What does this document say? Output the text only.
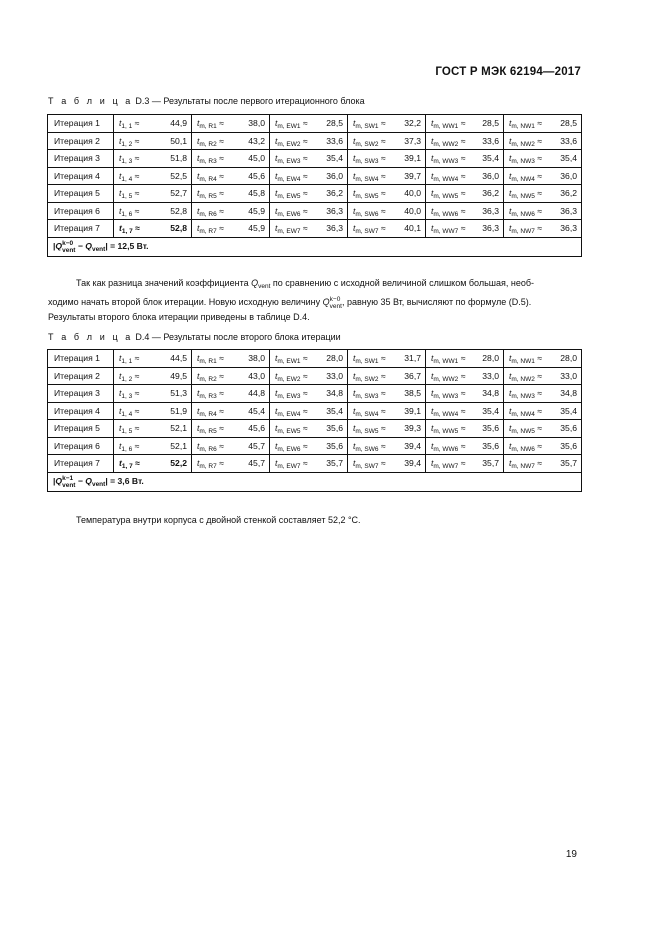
ГОСТ Р МЭК 62194—2017
Т а б л и ц а D.3 — Результаты после первого итерационного блока
Итерация 1	$t_{1, 1} \approx 44,9$	$t_{m, R1} \approx 38,0$	$t_{m, EW1} \approx 28,5$	$t_{m, SW1} \approx 32,2$	$t_{m, WW1} \approx 28,5$	$t_{m, NW1} \approx 28,5$
Итерация 2	$t_{1, 2} \approx 50,1$	$t_{m, R2} \approx 43,2$	$t_{m, EW2} \approx 33,6$	$t_{m, SW2} \approx 37,3$	$t_{m, WW2} \approx 33,6$	$t_{m, NW2} \approx 33,6$
Итерация 3	$t_{1, 3} \approx 51,8$	$t_{m, R3} \approx 45,0$	$t_{m, EW3} \approx 35,4$	$t_{m, SW3} \approx 39,1$	$t_{m, WW3} \approx 35,4$	$t_{m, NW3} \approx 35,4$
Итерация 4	$t_{1, 4} \approx 52,5$	$t_{m, R4} \approx 45,6$	$t_{m, EW4} \approx 36,0$	$t_{m, SW4} \approx 39,7$	$t_{m, WW4} \approx 36,0$	$t_{m, NW4} \approx 36,0$
Итерация 5	$t_{1, 5} \approx 52,7$	$t_{m, R5} \approx 45,8$	$t_{m, EW5} \approx 36,2$	$t_{m, SW5} \approx 40,0$	$t_{m, WW5} \approx 36,2$	$t_{m, NW5} \approx 36,2$
Итерация 6	$t_{1, 6} \approx 52,8$	$t_{m, R6} \approx 45,9$	$t_{m, EW6} \approx 36,3$	$t_{m, SW6} \approx 40,0$	$t_{m, WW6} \approx 36,3$	$t_{m, NW6} \approx 36,3$
Итерация 7	$t_{1, 7} \approx 52,8$	$t_{m, R7} \approx 45,9$	$t_{m, EW7} \approx 36,3$	$t_{m, SW7} \approx 40,1$	$t_{m, WW7} \approx 36,3$	$t_{m, NW7} \approx 36,3$
|Q k−0
vent − $Q_{vent}| = 12,5$ Вт.						
Так как разница значений коэффициента $Q_{vent}$ по сравнению с исходной величиной слишком большая, необ-
ходимо начать второй блок итерации. Новую исходную величину Q k−0
vent , равную 35 Вт, вычисляют по формуле (D.5).
Результаты второго блока итерации приведены в таблице D.4.
Т а б л и ц а D.4 — Результаты после второго блока итерации
Итерация 1	$t_{1, 1} \approx 44,5$	$t_{m, R1} \approx 38,0$	$t_{m, EW1} \approx 28,0$	$t_{m, SW1} \approx 31,7$	$t_{m, WW1} \approx 28,0$	$t_{m, NW1} \approx 28,0$
Итерация 2	$t_{1, 2} \approx 49,5$	$t_{m, R2} \approx 43,0$	$t_{m, EW2} \approx 33,0$	$t_{m, SW2} \approx 36,7$	$t_{m, WW2} \approx 33,0$	$t_{m, NW2} \approx 33,0$
Итерация 3	$t_{1, 3} \approx 51,3$	$t_{m, R3} \approx 44,8$	$t_{m, EW3} \approx 34,8$	$t_{m, SW3} \approx 38,5$	$t_{m, WW3} \approx 34,8$	$t_{m, NW3} \approx 34,8$
Итерация 4	$t_{1, 4} \approx 51,9$	$t_{m, R4} \approx 45,4$	$t_{m, EW4} \approx 35,4$	$t_{m, SW4} \approx 39,1$	$t_{m, WW4} \approx 35,4$	$t_{m, NW4} \approx 35,4$
Итерация 5	$t_{1, 5} \approx 52,1$	$t_{m, R5} \approx 45,6$	$t_{m, EW5} \approx 35,6$	$t_{m, SW5} \approx 39,3$	$t_{m, WW5} \approx 35,6$	$t_{m, NW5} \approx 35,6$
Итерация 6	$t_{1, 6} \approx 52,1$	$t_{m, R6} \approx 45,7$	$t_{m, EW6} \approx 35,6$	$t_{m, SW6} \approx 39,4$	$t_{m, WW6} \approx 35,6$	$t_{m, NW6} \approx 35,6$
Итерация 7	$t_{1, 7} \approx 52,2$	$t_{m, R7} \approx 45,7$	$t_{m, EW7} \approx 35,7$	$t_{m, SW7} \approx 39,4$	$t_{m, WW7} \approx 35,7$	$t_{m, NW7} \approx 35,7$
|Q k−1
vent − $Q_{vent}| = 3,6$ Вт.						
Температура внутри корпуса с двойной стенкой составляет 52,2 °С.
19
